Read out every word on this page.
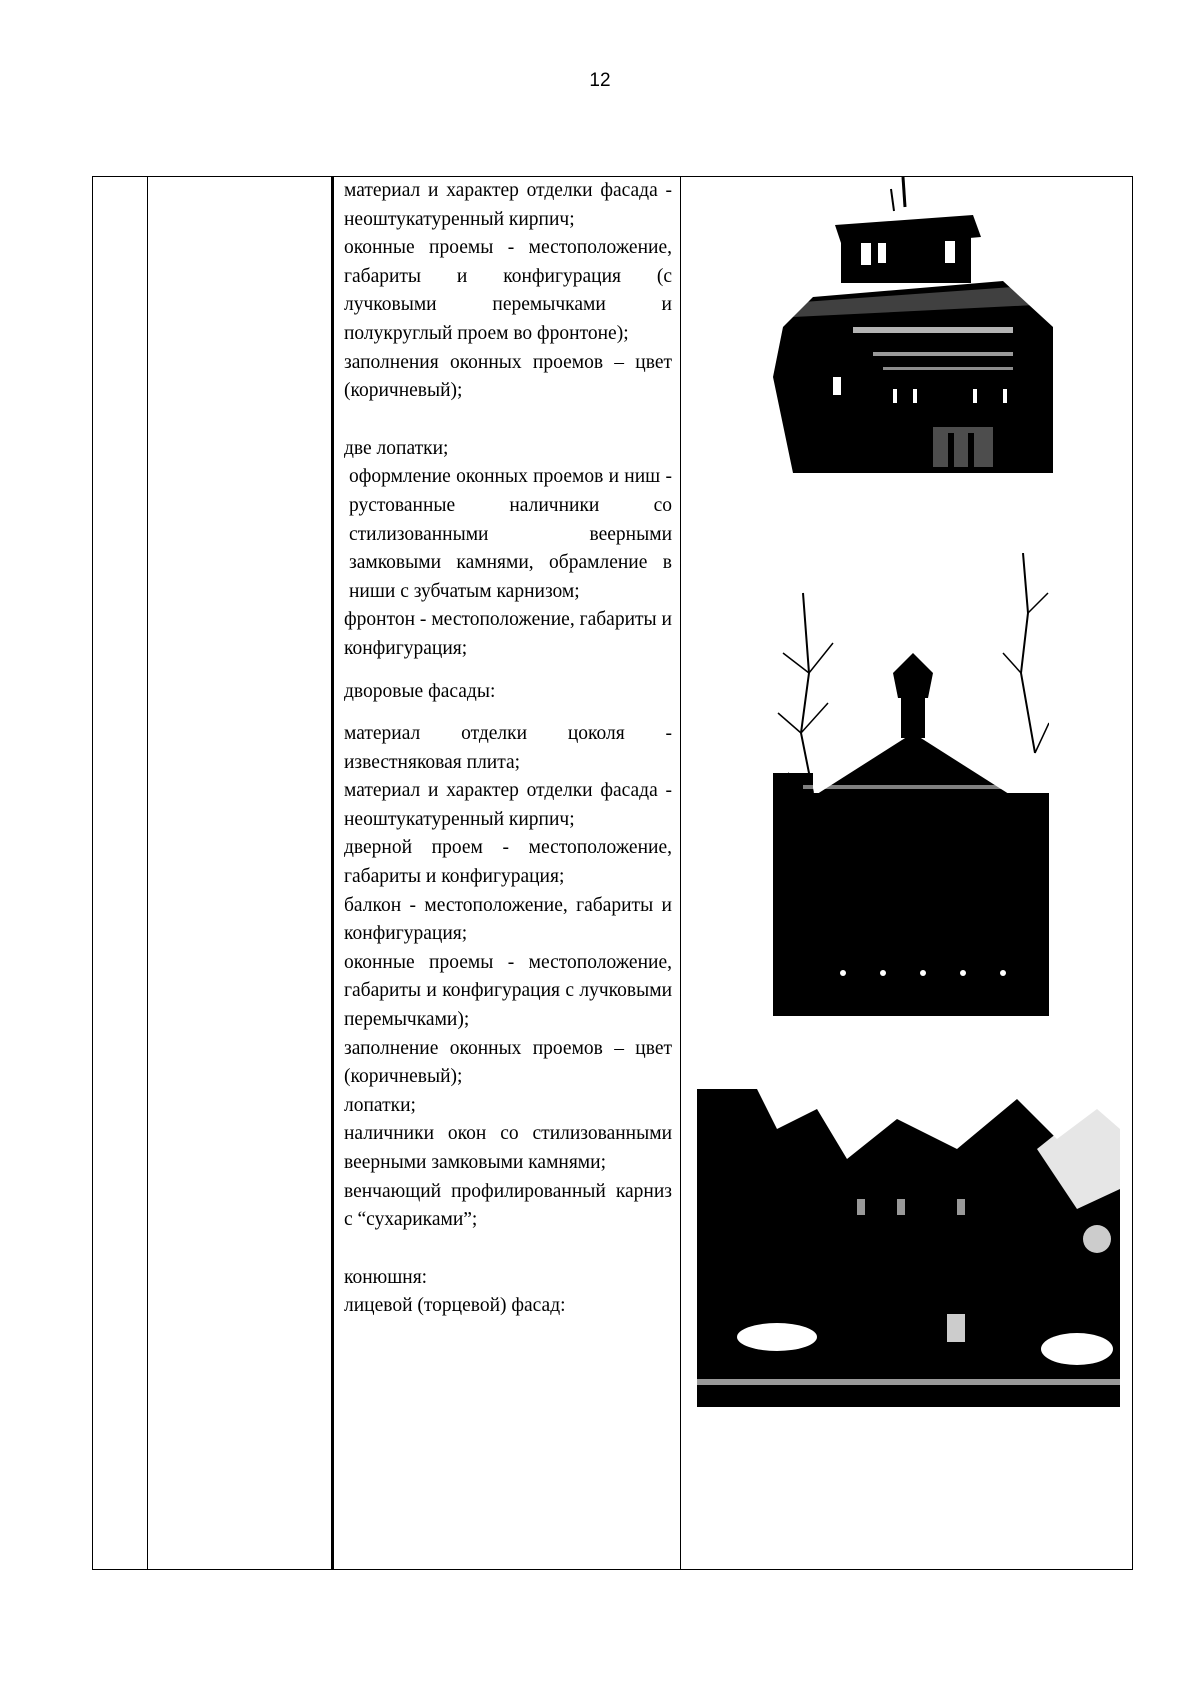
12

материал и характер отделки фасада - неоштукатуренный кирпич;

оконные проемы - местоположение, габариты и конфигурация (с лучковыми перемычками и полукруглый проем во фронтоне);

заполнения оконных проемов – цвет (коричневый);

две лопатки;

оформление оконных проемов и ниш - рустованные наличники со стилизованными веерными замковыми камнями, обрамление в ниши с зубчатым карнизом;

фронтон - местоположение, габариты и конфигурация;

дворовые фасады:

материал отделки цоколя - известняковая плита;

материал и характер отделки фасада - неоштукатуренный кирпич;

дверной проем - местоположение, габариты и конфигурация;

балкон - местоположение, габариты и конфигурация;

оконные проемы - местоположение, габариты и конфигурация с лучковыми перемычками);

заполнение оконных проемов – цвет (коричневый);

лопатки;

наличники окон со стилизованными веерными замковыми камнями;

венчающий профилированный карниз с “сухариками”;

конюшня:

лицевой (торцевой) фасад:
